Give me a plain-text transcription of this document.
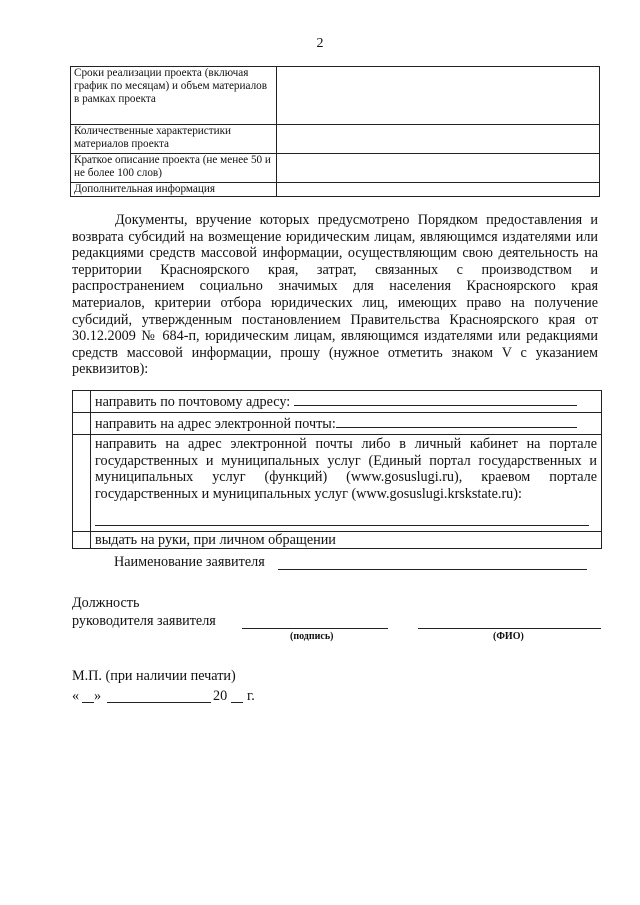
2
Сроки реализации проекта (включая график по месяцам) и объем материалов в рамках проекта	
Количественные характеристики материалов проекта	
Краткое описание проекта (не менее 50 и не более 100 слов)	
Дополнительная информация	
Документы, вручение которых предусмотрено Порядком предоставления и возврата субсидий на возмещение юридическим лицам, являющимся издателями или редакциями средств массовой информации, осуществляющим свою деятельность на территории Красноярского края, затрат, связанных с производством и распространением социально значимых для населения Красноярского края материалов, критерии отбора юридических лиц, имеющих право на получение субсидий, утвержденным постановлением Правительства Красноярского края от 30.12.2009 № 684-п, юридическим лицам, являющимся издателями или редакциями средств массовой информации, прошу (нужное отметить знаком V с указанием реквизитов):
	направить по почтовому адресу:
	направить на адрес электронной почты:

	направить на адрес электронной почты либо в личный кабинет на портале государственных и муниципальных услуг (Единый портал государственных и муниципальных услуг (функций) (www.gosuslugi.ru), краевом портале государственных и муниципальных услуг (www.gosuslugi.krskstate.ru):

	выдать на руки, при личном обращении
Наименование заявителя
Должность
руководителя заявителя
(подпись)	(ФИО)
М.П. (при наличии печати)
« »	20 г.
